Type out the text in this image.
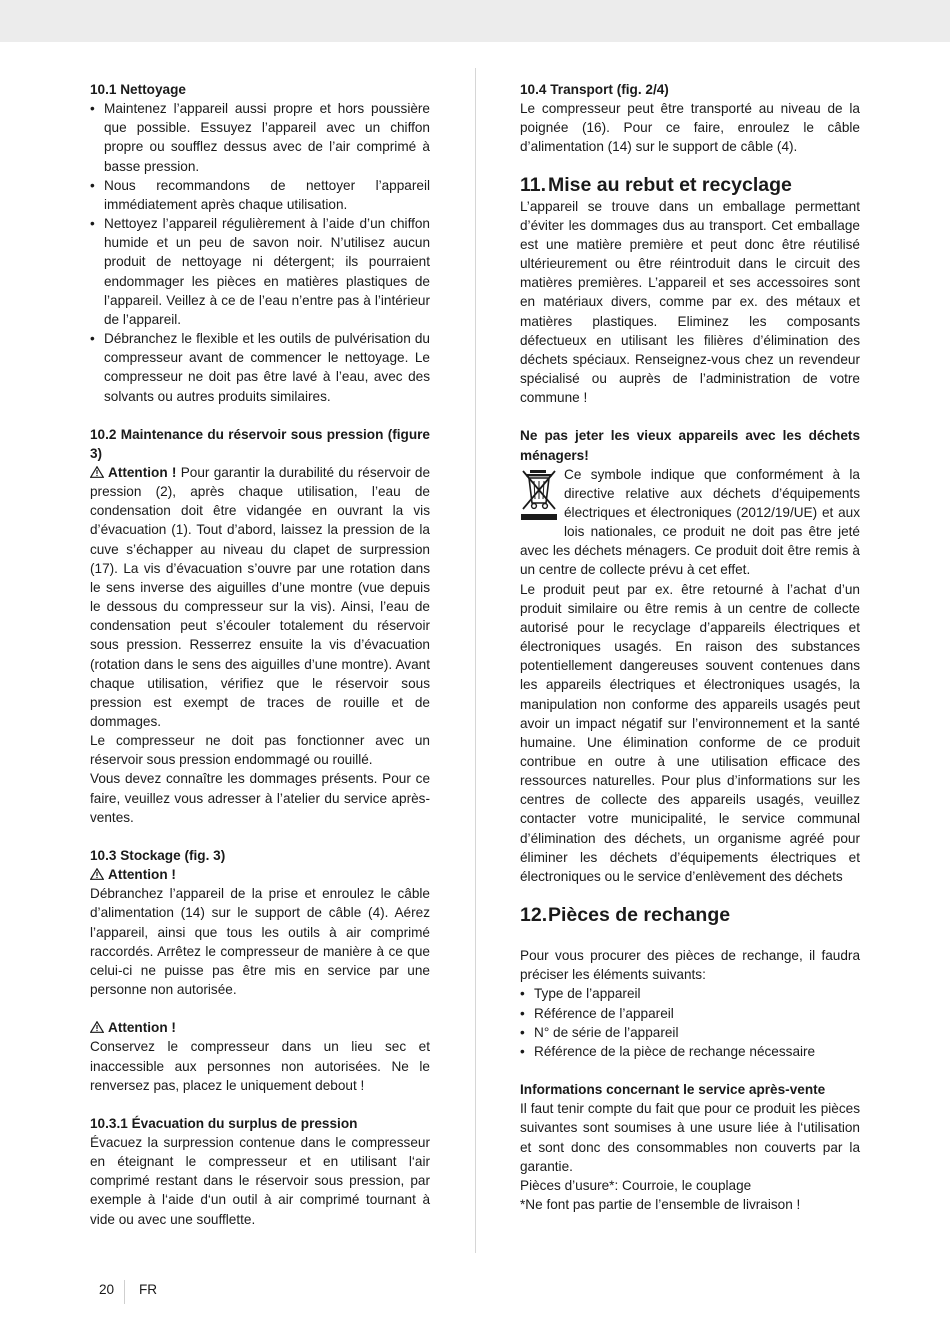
10.1 Nettoyage

• Maintenez l’appareil aussi propre et hors poussière que possible. Essuyez l’appareil avec un chiffon propre ou soufflez dessus avec de l’air comprimé à basse pression.
• Nous recommandons de nettoyer l’appareil immédiatement après chaque utilisation.
• Nettoyez l’appareil régulièrement à l’aide d’un chiffon humide et un peu de savon noir. N’utilisez aucun produit de nettoyage ni détergent; ils pourraient endommager les pièces en matières plastiques de l’appareil. Veillez à ce de l’eau n’entre pas à l’intérieur de l’appareil.
• Débranchez le flexible et les outils de pulvérisation du compresseur avant de commencer le nettoyage. Le compresseur ne doit pas être lavé à l’eau, avec des solvants ou autres produits similaires.

10.2 Maintenance du réservoir sous pression (figure 3)

Attention ! Pour garantir la durabilité du réservoir de pression (2), après chaque utilisation, l’eau de condensation doit être vidangée en ouvrant la vis d’évacuation (1). Tout d’abord, laissez la pression de la cuve s’échapper au niveau du clapet de surpression (17). La vis d’évacuation s’ouvre par une rotation dans le sens inverse des aiguilles d’une montre (vue depuis le dessous du compresseur sur la vis). Ainsi, l’eau de condensation peut s’écouler totalement du réservoir sous pression. Resserrez ensuite la vis d’évacuation (rotation dans le sens des aiguilles d’une montre). Avant chaque utilisation, vérifiez que le réservoir sous pression est exempt de traces de rouille et de dommages.

Le compresseur ne doit pas fonctionner avec un réservoir sous pression endommagé ou rouillé.

Vous devez connaître les dommages présents. Pour ce faire, veuillez vous adresser à l’atelier du service après-ventes.

10.3 Stockage (fig. 3)

Attention !

Débranchez l’appareil de la prise et enroulez le câble d’alimentation (14) sur le support de câble (4). Aérez l’appareil, ainsi que tous les outils à air comprimé raccordés. Arrêtez le compresseur de manière à ce que celui-ci ne puisse pas être mis en service par une personne non autorisée.

Attention !

Conservez le compresseur dans un lieu sec et inaccessible aux personnes non autorisées. Ne le renversez pas, placez le uniquement debout !

10.3.1 Évacuation du surplus de pression

Évacuez la surpression contenue dans le compresseur en éteignant le compresseur et en utilisant l‘air comprimé restant dans le réservoir sous pression, par exemple à l‘aide d‘un outil à air comprimé tournant à vide ou avec une soufflette.

10.4 Transport (fig. 2/4)

Le compresseur peut être transporté au niveau de la poignée (16). Pour ce faire, enroulez le câble d’alimentation (14) sur le support de câble (4).

11. Mise au rebut et recyclage

L’appareil se trouve dans un emballage permettant d’éviter les dommages dus au transport. Cet emballage est une matière première et peut donc être réutilisé ultérieurement ou être réintroduit dans le circuit des matières premières. L’appareil et ses accessoires sont en matériaux divers, comme par ex. des métaux et matières plastiques. Eliminez les composants défectueux en utilisant les filières d’élimination des déchets spéciaux. Renseignez-vous chez un revendeur spécialisé ou auprès de l’administration de votre commune !

Ne pas jeter les vieux appareils avec les déchets ménagers!

Ce symbole indique que conformément à la directive relative aux déchets d’équipements électriques et électroniques (2012/19/UE) et aux lois nationales, ce produit ne doit pas être jeté avec les déchets ménagers. Ce produit doit être remis à un centre de collecte prévu à cet effet.

Le produit peut par ex. être retourné à l’achat d’un produit similaire ou être remis à un centre de collecte autorisé pour le recyclage d’appareils électriques et électroniques usagés. En raison des substances potentiellement dangereuses souvent contenues dans les appareils électriques et électroniques usagés, la manipulation non conforme des appareils usagés peut avoir un impact négatif sur l’environnement et la santé humaine. Une élimination conforme de ce produit contribue en outre à une utilisation efficace des ressources naturelles. Pour plus d’informations sur les centres de collecte des appareils usagés, veuillez contacter votre municipalité, le service communal d’élimination des déchets, un organisme agréé pour éliminer les déchets d’équipements électriques et électroniques ou le service d’enlèvement des déchets

12.Pièces de rechange

Pour vous procurer des pièces de rechange, il faudra préciser les éléments suivants:

• Type de l’appareil
• Référence de l’appareil
• N° de série de l’appareil
• Référence de la pièce de rechange nécessaire

Informations concernant le service après-vente

Il faut tenir compte du fait que pour ce produit les pièces suivantes sont soumises à une usure liée à l‘utilisation et sont donc des consommables non couverts par la garantie.

Pièces d’usure*: Courroie, le couplage

*Ne font pas partie de l’ensemble de livraison !

20 FR
